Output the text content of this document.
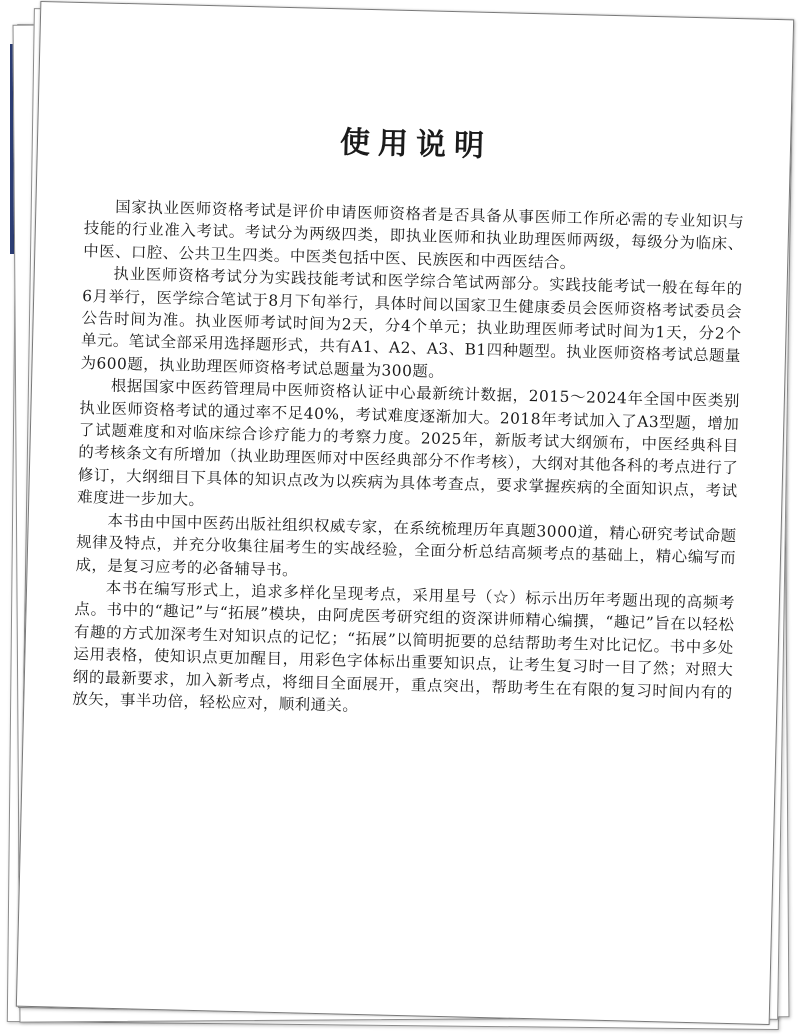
使用说明

国家执业医师资格考试是评价申请医师资格者是否具备从事医师工作所必需的专业知识与技能的行业准入考试。考试分为两级四类，即执业医师和执业助理医师两级，每级分为临床、中医、口腔、公共卫生四类。中医类包括中医、民族医和中西医结合。

执业医师资格考试分为实践技能考试和医学综合笔试两部分。实践技能考试一般在每年的6月举行，医学综合笔试于8月下旬举行，具体时间以国家卫生健康委员会医师资格考试委员会公告时间为准。执业医师考试时间为2天，分4个单元；执业助理医师考试时间为1天，分2个单元。笔试全部采用选择题形式，共有A1、A2、A3、B1四种题型。执业医师资格考试总题量为600题，执业助理医师资格考试总题量为300题。

根据国家中医药管理局中医师资格认证中心最新统计数据，2015～2024年全国中医类别执业医师资格考试的通过率不足40%，考试难度逐渐加大。2018年考试加入了A3型题，增加了试题难度和对临床综合诊疗能力的考察力度。2025年，新版考试大纲颁布，中医经典科目的考核条文有所增加（执业助理医师对中医经典部分不作考核），大纲对其他各科的考点进行了修订，大纲细目下具体的知识点改为以疾病为具体考查点，要求掌握疾病的全面知识点，考试难度进一步加大。

本书由中国中医药出版社组织权威专家，在系统梳理历年真题3000道，精心研究考试命题规律及特点，并充分收集往届考生的实战经验，全面分析总结高频考点的基础上，精心编写而成，是复习应考的必备辅导书。

本书在编写形式上，追求多样化呈现考点，采用星号（☆）标示出历年考题出现的高频考点。书中的“趣记”与“拓展”模块，由阿虎医考研究组的资深讲师精心编撰，“趣记”旨在以轻松有趣的方式加深考生对知识点的记忆；“拓展”以简明扼要的总结帮助考生对比记忆。书中多处运用表格，使知识点更加醒目，用彩色字体标出重要知识点，让考生复习时一目了然；对照大纲的最新要求，加入新考点，将细目全面展开，重点突出，帮助考生在有限的复习时间内有的放矢，事半功倍，轻松应对，顺利通关。
